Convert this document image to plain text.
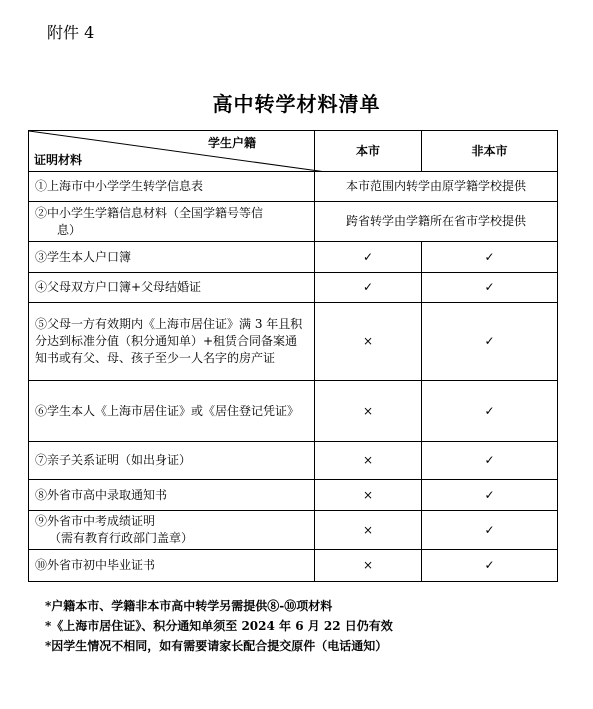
附件 4
高中转学材料清单
学生户籍
证明材料	本市	非本市
①上海市中小学学生转学信息表	本市范围内转学由原学籍学校提供	

②中小学生学籍信息材料（全国学籍号等信
息）	跨省转学由学籍所在省市学校提供	
③学生本人户口簿	✓	✓
④父母双方户口簿+父母结婚证	✓	✓
⑤父母一方有效期内《上海市居住证》满 3 年且积分达到标准分值（积分通知单）+租赁合同备案通知书或有父、母、孩子至少一人名字的房产证	×	✓
⑥学生本人《上海市居住证》或《居住登记凭证》	×	✓
⑦亲子关系证明（如出身证）	×	✓
⑧外省市高中录取通知书	×	✓

⑨外省市中考成绩证明
（需有教育行政部门盖章）	×	✓
⑩外省市初中毕业证书	×	✓
*户籍本市、学籍非本市高中转学另需提供⑧-⑩项材料
*《上海市居住证》、积分通知单须至 2024 年 6 月 22 日仍有效
*因学生情况不相同，如有需要请家长配合提交原件（电话通知）
